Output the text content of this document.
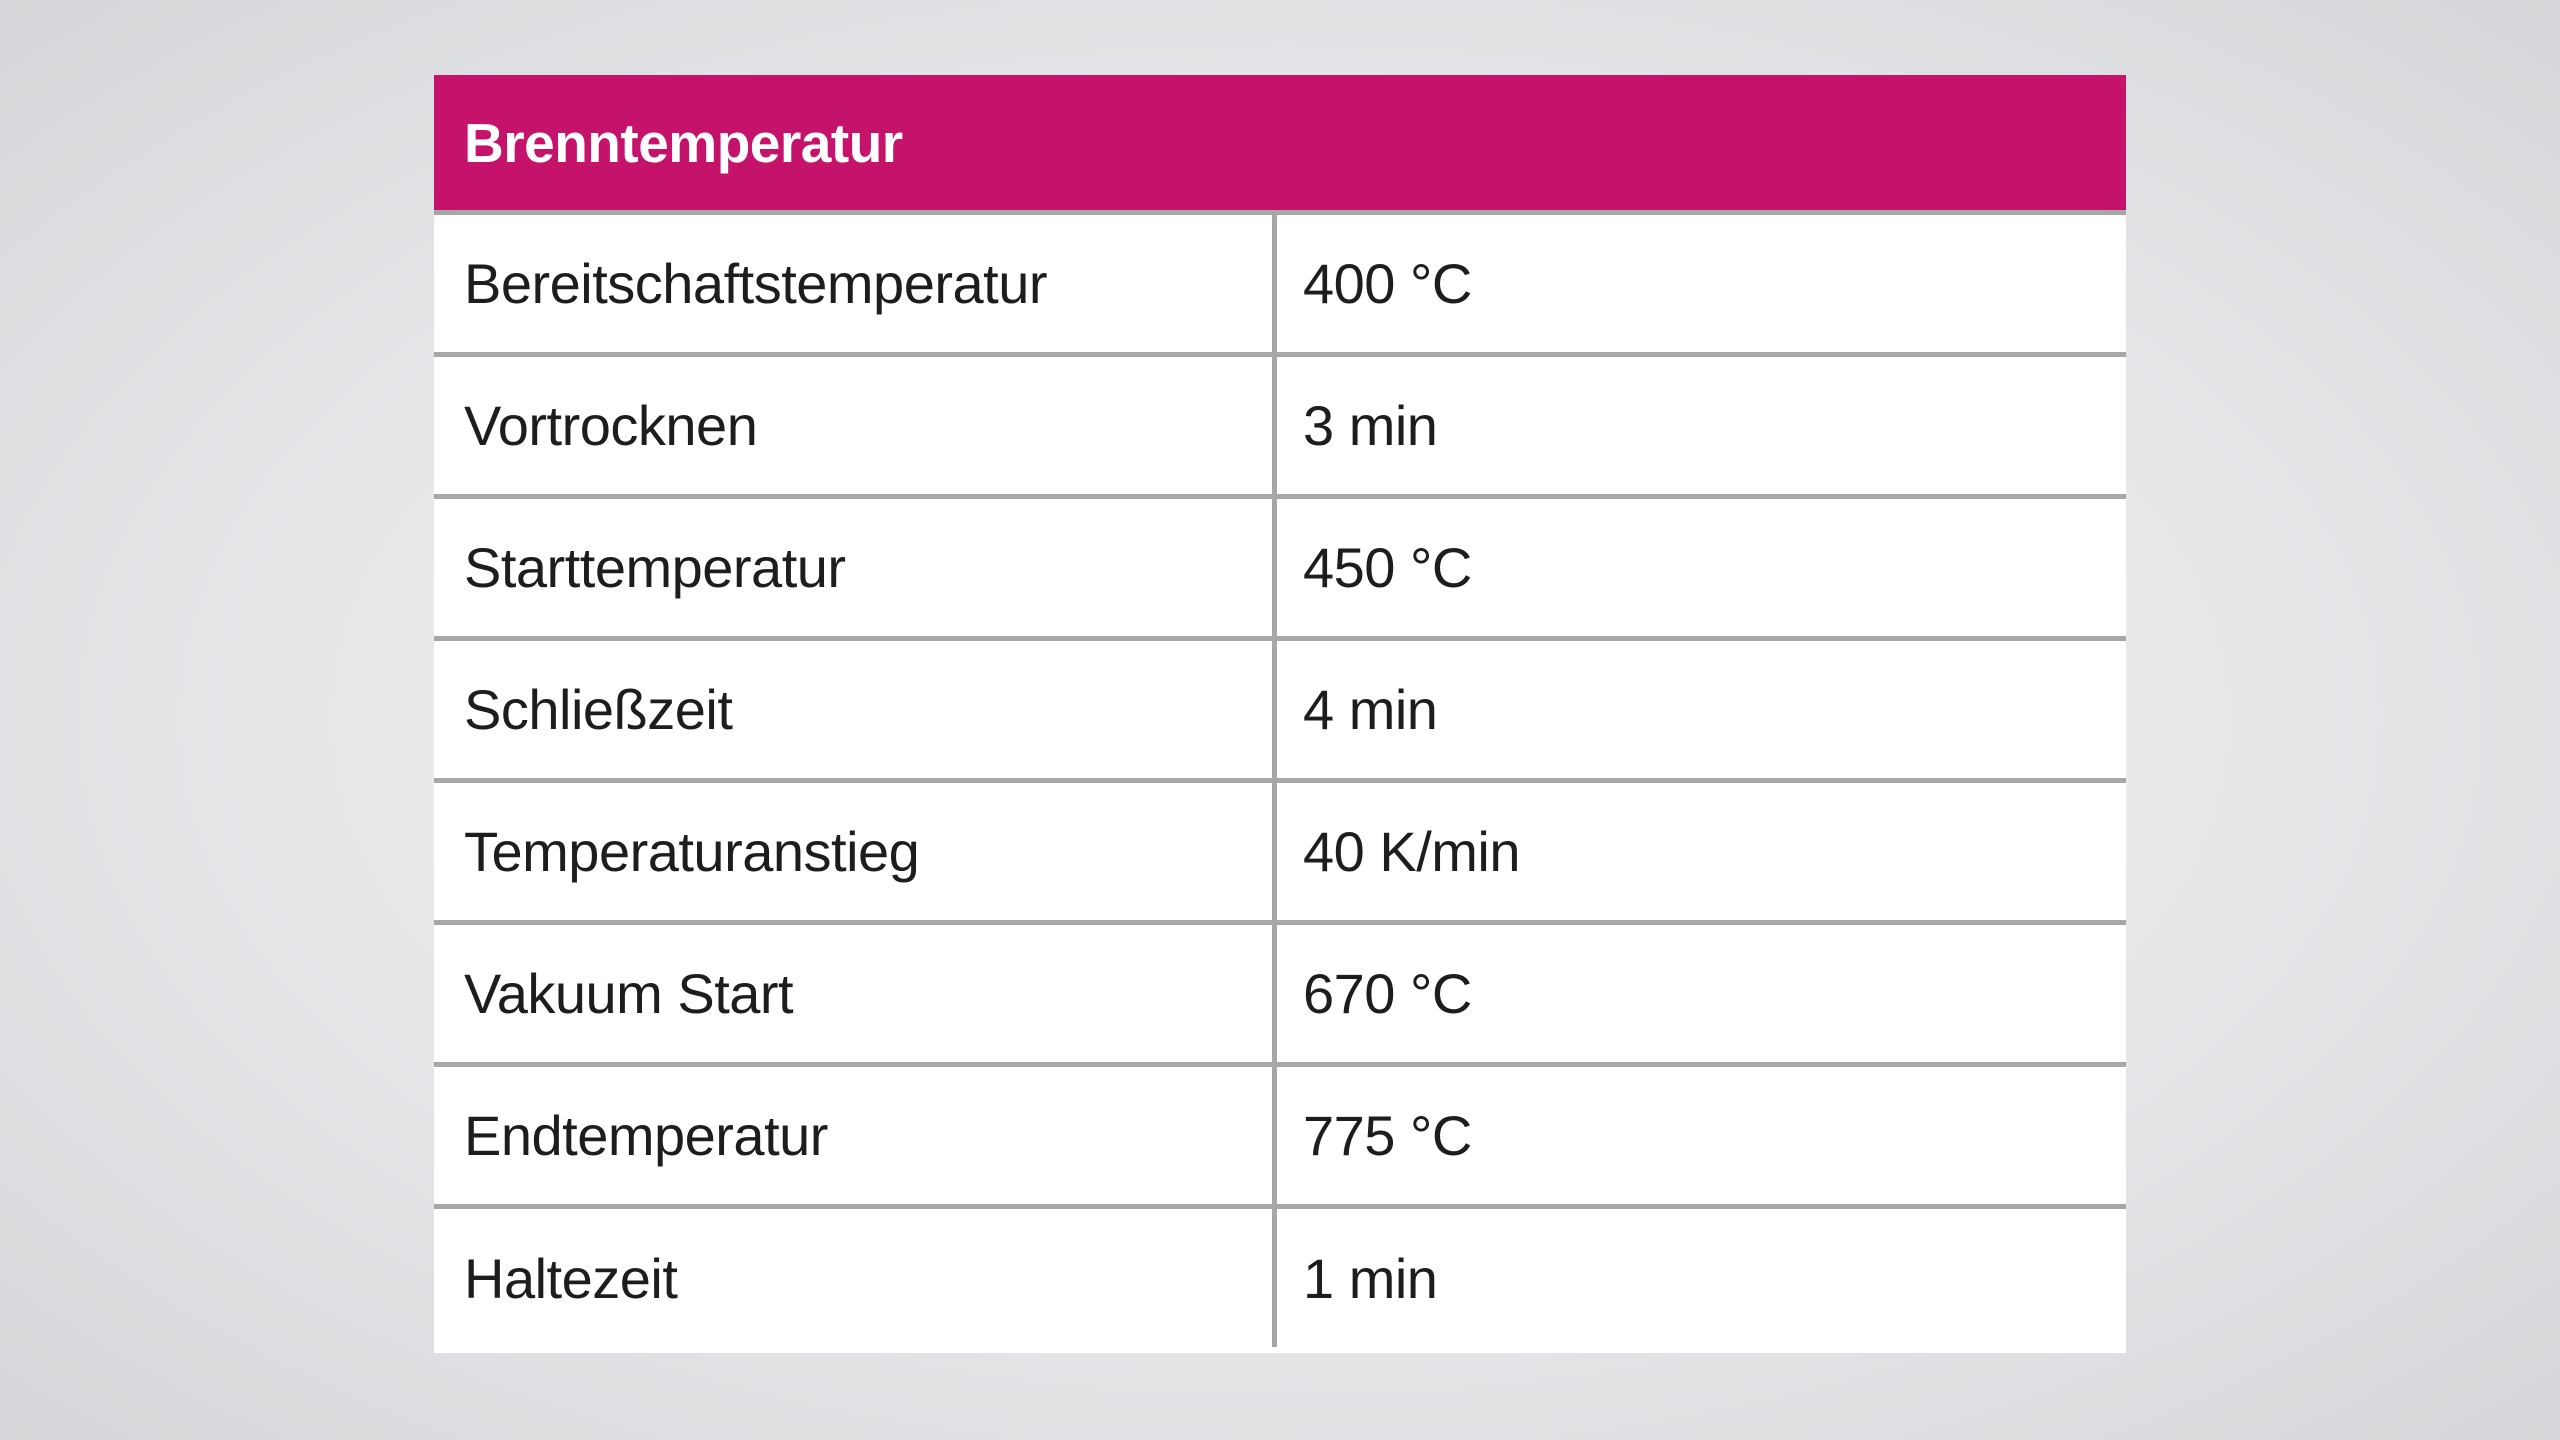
Brenntemperatur
Bereitschaftstemperatur	400 °C
Vortrocknen	3 min
Starttemperatur	450 °C
Schließzeit	4 min
Temperaturanstieg	40 K/min
Vakuum Start	670 °C
Endtemperatur	775 °C
Haltezeit	1 min
